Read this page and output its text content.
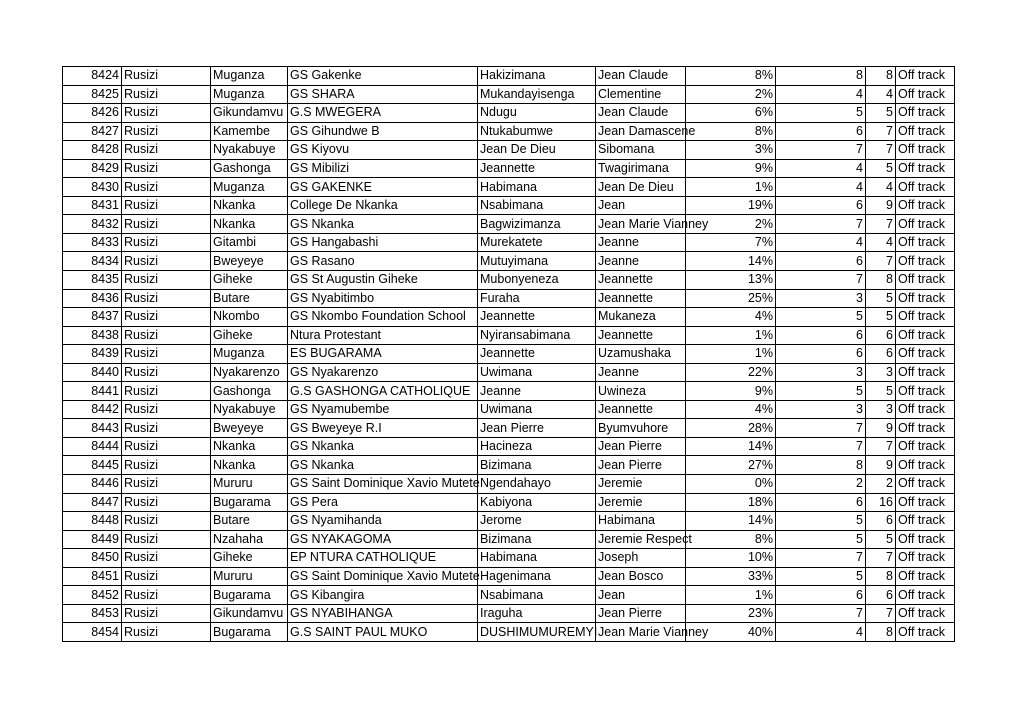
8424	Rusizi	Muganza	GS Gakenke	Hakizimana	Jean Claude	8%	8	8	Off track
8425	Rusizi	Muganza	GS SHARA	Mukandayisenga	Clementine	2%	4	4	Off track
8426	Rusizi	Gikundamvu	G.S MWEGERA	Ndugu	Jean Claude	6%	5	5	Off track
8427	Rusizi	Kamembe	GS Gihundwe B	Ntukabumwe	Jean Damascene	8%	6	7	Off track
8428	Rusizi	Nyakabuye	GS Kiyovu	Jean De Dieu	Sibomana	3%	7	7	Off track
8429	Rusizi	Gashonga	GS Mibilizi	Jeannette	Twagirimana	9%	4	5	Off track
8430	Rusizi	Muganza	GS GAKENKE	Habimana	Jean De Dieu	1%	4	4	Off track
8431	Rusizi	Nkanka	College De Nkanka	Nsabimana	Jean	19%	6	9	Off track
8432	Rusizi	Nkanka	GS Nkanka	Bagwizimanza	Jean Marie Vianney	2%	7	7	Off track
8433	Rusizi	Gitambi	GS Hangabashi	Murekatete	Jeanne	7%	4	4	Off track
8434	Rusizi	Bweyeye	GS Rasano	Mutuyimana	Jeanne	14%	6	7	Off track
8435	Rusizi	Giheke	GS St Augustin Giheke	Mubonyeneza	Jeannette	13%	7	8	Off track
8436	Rusizi	Butare	GS Nyabitimbo	Furaha	Jeannette	25%	3	5	Off track
8437	Rusizi	Nkombo	GS Nkombo Foundation School	Jeannette	Mukaneza	4%	5	5	Off track
8438	Rusizi	Giheke	Ntura Protestant	Nyiransabimana	Jeannette	1%	6	6	Off track
8439	Rusizi	Muganza	ES BUGARAMA	Jeannette	Uzamushaka	1%	6	6	Off track
8440	Rusizi	Nyakarenzo	GS Nyakarenzo	Uwimana	Jeanne	22%	3	3	Off track
8441	Rusizi	Gashonga	G.S GASHONGA CATHOLIQUE	Jeanne	Uwineza	9%	5	5	Off track
8442	Rusizi	Nyakabuye	GS Nyamubembe	Uwimana	Jeannette	4%	3	3	Off track
8443	Rusizi	Bweyeye	GS Bweyeye R.I	Jean Pierre	Byumvuhore	28%	7	9	Off track
8444	Rusizi	Nkanka	GS Nkanka	Hacineza	Jean Pierre	14%	7	7	Off track
8445	Rusizi	Nkanka	GS Nkanka	Bizimana	Jean Pierre	27%	8	9	Off track
8446	Rusizi	Mururu	GS Saint Dominique Xavio Mutete	Ngendahayo	Jeremie	0%	2	2	Off track
8447	Rusizi	Bugarama	GS Pera	Kabiyona	Jeremie	18%	6	16	Off track
8448	Rusizi	Butare	GS Nyamihanda	Jerome	Habimana	14%	5	6	Off track
8449	Rusizi	Nzahaha	GS NYAKAGOMA	Bizimana	Jeremie Respect	8%	5	5	Off track
8450	Rusizi	Giheke	EP NTURA CATHOLIQUE	Habimana	Joseph	10%	7	7	Off track
8451	Rusizi	Mururu	GS Saint Dominique Xavio Mutete	Hagenimana	Jean Bosco	33%	5	8	Off track
8452	Rusizi	Bugarama	GS Kibangira	Nsabimana	Jean	1%	6	6	Off track
8453	Rusizi	Gikundamvu	GS NYABIHANGA	Iraguha	Jean Pierre	23%	7	7	Off track
8454	Rusizi	Bugarama	G.S SAINT PAUL MUKO	DUSHIMUMUREMYI	Jean Marie Vianney	40%	4	8	Off track
